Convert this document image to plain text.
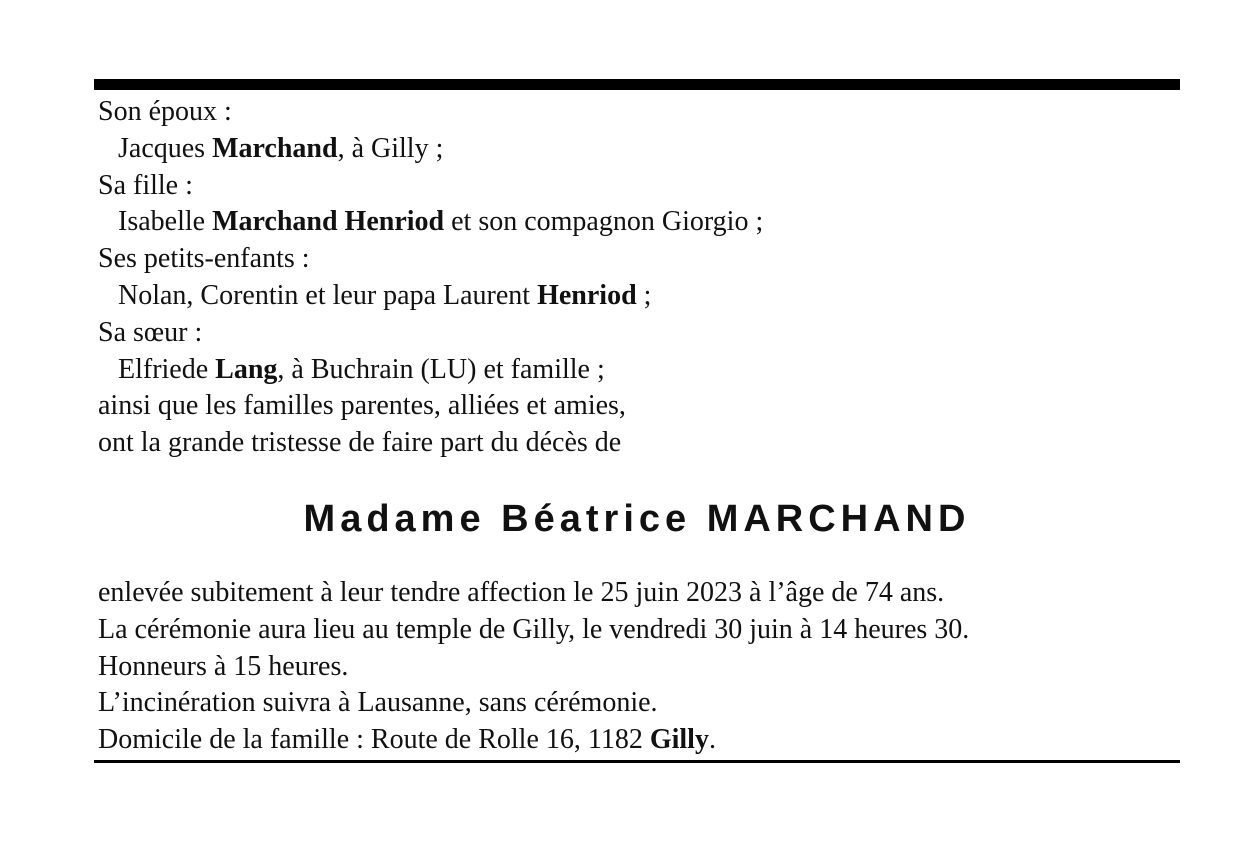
Son époux :
Jacques Marchand, à Gilly ;
Sa fille :
Isabelle Marchand Henriod et son compagnon Giorgio ;
Ses petits-enfants :
Nolan, Corentin et leur papa Laurent Henriod ;
Sa sœur :
Elfriede Lang, à Buchrain (LU) et famille ;
ainsi que les familles parentes, alliées et amies,
ont la grande tristesse de faire part du décès de
Madame Béatrice MARCHAND
enlevée subitement à leur tendre affection le 25 juin 2023 à l’âge de 74 ans.
La cérémonie aura lieu au temple de Gilly, le vendredi 30 juin à 14 heures 30.
Honneurs à 15 heures.
L’incinération suivra à Lausanne, sans cérémonie.
Domicile de la famille : Route de Rolle 16, 1182 Gilly.
